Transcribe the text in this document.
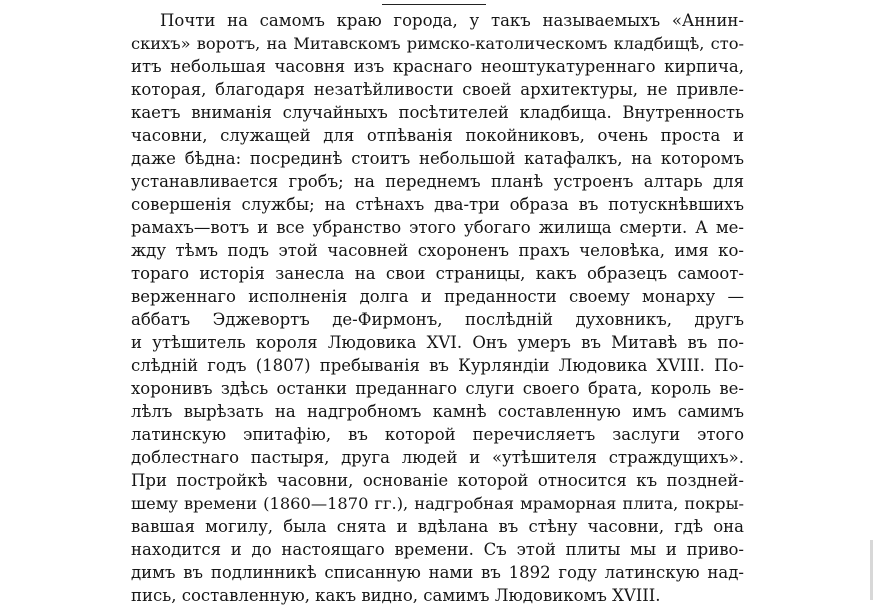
Почти на самомъ краю города, у такъ называемыхъ «Аннин-
скихъ» воротъ, на Митавскомъ римско-католическомъ кладбищѣ, сто-
итъ небольшая часовня изъ краснаго неоштукатуреннаго кирпича,
которая, благодаря незатѣйливости своей архитектуры, не привле-
каетъ вниманія случайныхъ посѣтителей кладбища. Внутренность
часовни, служащей для отпѣванія покойниковъ, очень проста и
даже бѣдна: посрединѣ стоитъ небольшой катафалкъ, на которомъ
устанавливается гробъ; на переднемъ планѣ устроенъ алтарь для
совершенія службы; на стѣнахъ два-три образа въ потускнѣвшихъ
рамахъ—вотъ и все убранство этого убогаго жилища смерти. А ме-
жду тѣмъ подъ этой часовней схороненъ прахъ человѣка, имя ко-
тораго исторія занесла на свои страницы, какъ образецъ самоот-
верженнаго исполненія долга и преданности своему монарху —
аббатъ Эджевортъ де-Фирмонъ, послѣдній духовникъ, другъ
и утѣшитель короля Людовика XVI. Онъ умеръ въ Митавѣ въ по-
слѣдній годъ (1807) пребыванія въ Курляндіи Людовика XVIII. По-
хоронивъ здѣсь останки преданнаго слуги своего брата, король ве-
лѣлъ вырѣзать на надгробномъ камнѣ составленную имъ самимъ
латинскую эпитафію, въ которой перечисляетъ заслуги этого
доблестнаго пастыря, друга людей и «утѣшителя страждущихъ».
При постройкѣ часовни, основаніе которой относится къ поздней-
шему времени (1860—1870 гг.), надгробная мраморная плита, покры-
вавшая могилу, была снята и вдѣлана въ стѣну часовни, гдѣ она
находится и до настоящаго времени. Съ этой плиты мы и приво-
димъ въ подлинникѣ списанную нами въ 1892 году латинскую над-
пись, составленную, какъ видно, самимъ Людовикомъ XVIII.
